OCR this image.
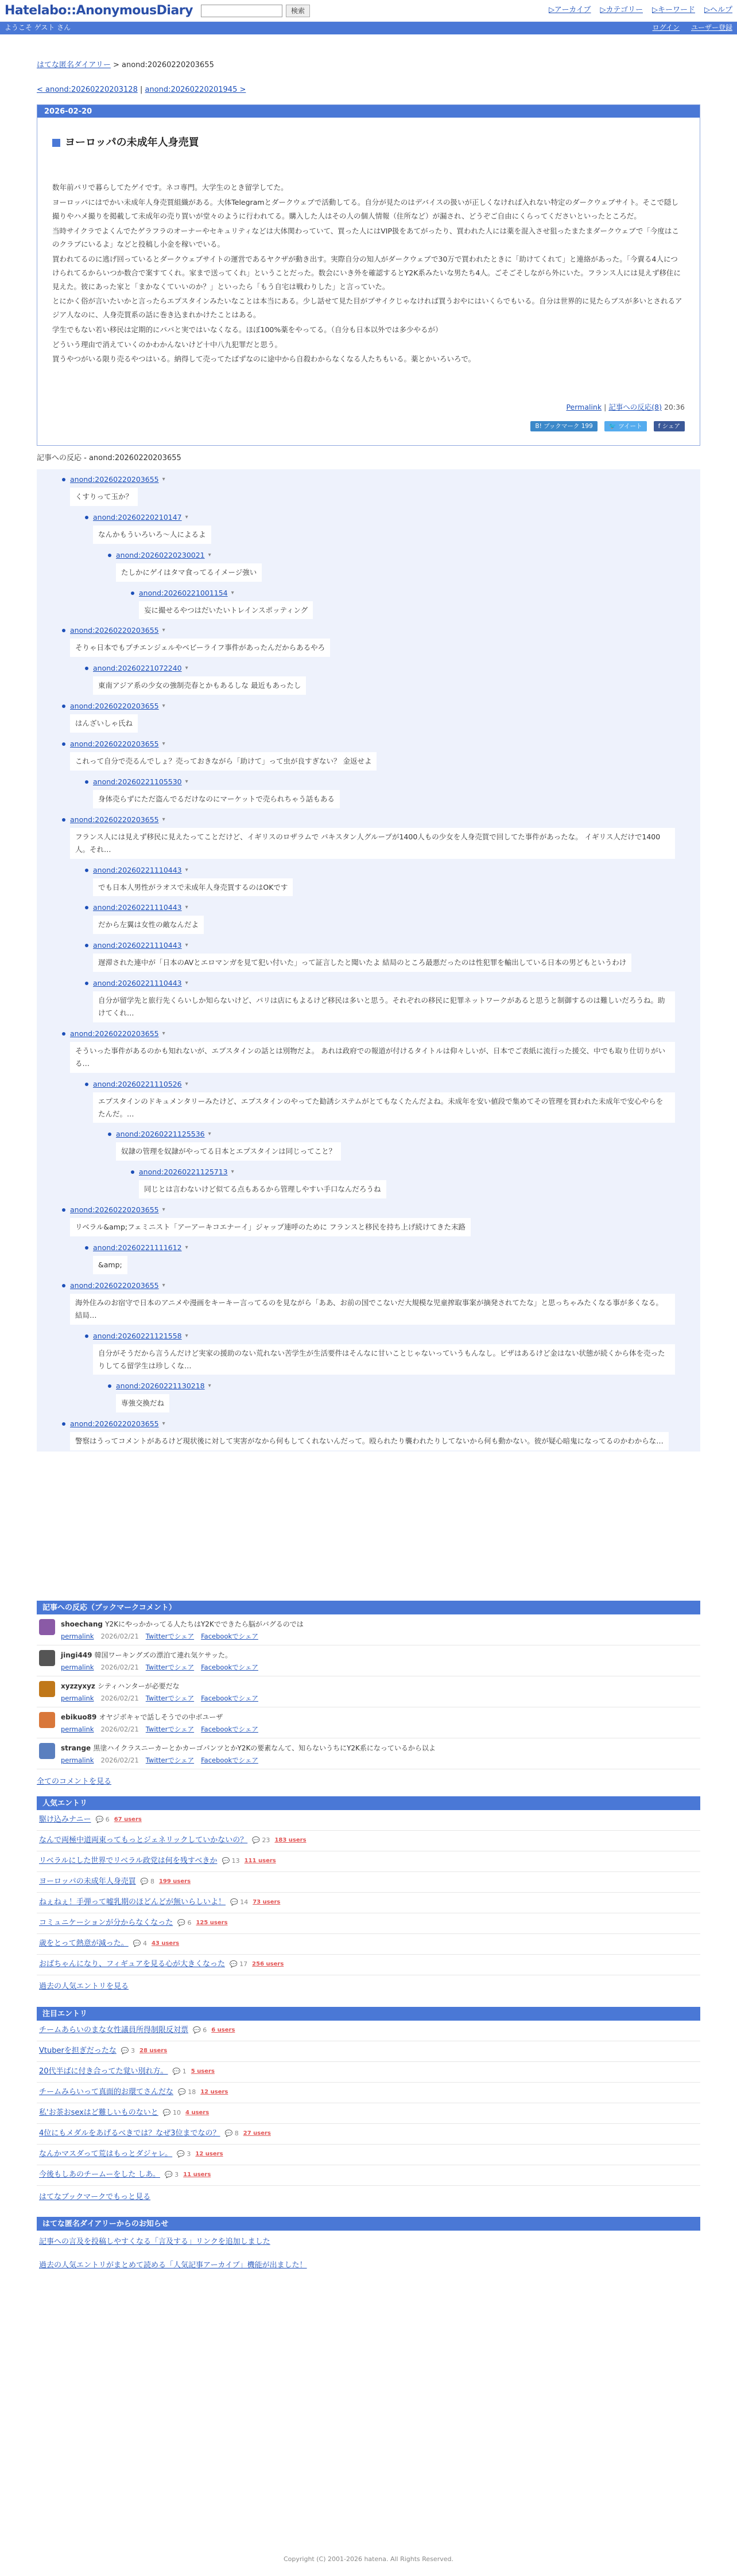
Hatelabo::AnonymousDiary	検索	▷アーカイブ ▷カテゴリー ▷キーワード ▷ヘルプ
ようこそ ゲスト さん	ログイン ユーザー登録
はてな匿名ダイアリー > anond:20260220203655
< anond:20260220203128 | anond:20260220201945 >
2026-02-20
ヨーロッパの未成年人身売買

数年前パリで暮らしてたゲイです。ネコ専門。大学生のとき留学してた。

ヨーロッパにはでかい未成年人身売買組織がある。大体Telegramとダークウェブで活動してる。自分が見たのはデバイスの扱いが正しくなければ入れない特定のダークウェブサイト。そこで隠し撮りやハメ撮りを掲載して未成年の売り買いが堂々のように行われてる。購入した人はその人の個人情報（住所など）が漏され、どうぞご自由にくらってくださいといったところだ。

当時サイクラでよくんでたゲラフラのオーナーやセキュリティなどは大体関わっていて、買った人にはVIP扱をあてがったり、買われた人には薬を混入させ狙ったまたまダークウェブで「今度はこのクラブにいるよ」などと投稿し小金を稼いでいる。

買われてるのに逃げ回っているとダークウェブサイトの運営であるヤクザが動き出す。実際自分の知人がダークウェブで30万で買われたときに「助けてくれて」と連絡があった。「今賣る4人につけられてるからいつか数合で案すてくれ。家まで送ってくれ」ということだった。数会にいき外を確認するとY2K系みたいな男たち4人。ごそごそしながら外にいた。フランス人には見えず移住に見えた。彼にあった家と「まかなくていいのか？」といったら「もう自宅は戦わりした」と言っていた。

とにかく俗が言いたいかと言ったらエプスタインみたいなことは本当にある。少し話せて見た目がプサイクじゃなければ買うおやにはいくらでもいる。自分は世界的に見たらブスが多いとされるアジア人なのに、人身売買系の話に巻き込まれかけたことはある。

学生でもない若い移民は定期的にパパと実ではいなくなる。ほぼ100%薬をやってる。（自分も日本以外では多少やるが）

どういう理由で消えていくのかわかんないけど十中八九犯罪だと思う。

買うやつがいる限り売るやつはいる。納得して売ってたばずなのに途中から自殺わからなくなる人たちもいる。薬とかいろいろで。

Permalink | 記事への反応(8) 20:36
B! ブックマーク 199	🐦 ツイート	f シェア
記事への反応 - anond:20260220203655
anond:20260220203655 ▾
くすりって玉か？
anond:20260220210147 ▾
なんかもういろいろ〜人によるよ
anond:20260220230021 ▾
たしかにゲイはタマ食ってるイメージ強い
anond:20260221001154 ▾
妄に撮せるやつはだいたいトレインスポッティング
anond:20260220203655 ▾
そりゃ日本でもプチエンジェルやベビーライフ事件があったんだからあるやろ
anond:20260221072240 ▾
東南アジア系の少女の強制売春とかもあるしな 最近もあったし
anond:20260220203655 ▾
はんざいしゃ氏ね
anond:20260220203655 ▾
これって自分で売るんでしょ？売っておきながら「助けて」って虫が良すぎない？ 金返せよ
anond:20260221105530 ▾
身体売らずにただ盗んでるだけなのにマーケットで売られちゃう話もある
anond:20260220203655 ▾
フランス人には見えず移民に見えたってことだけど、イギリスのロザラムで パキスタン人グループが1400人もの少女を人身売買で回してた事件があったな。 イギリス人だけで1400人。それ…
anond:20260221110443 ▾
でも日本人男性がラオスで未成年人身売買するのはOKです
anond:20260221110443 ▾
だから左翼は女性の敵なんだよ
anond:20260221110443 ▾
遅滞された連中が「日本のAVとエロマンガを見て犯い付いた」って証言したと聞いたよ 結局のところ最悪だったのは性犯罪を輸出している日本の男どもというわけ
anond:20260221110443 ▾
自分が留学先と旅行先くらいしか知らないけど、パリは店にもよるけど移民は多いと思う。それぞれの移民に犯罪ネットワークがあると思うと制御するのは難しいだろうね。助けてくれ…
anond:20260220203655 ▾
そういった事件があるのかも知れないが、エプスタインの話とは別物だよ。 あれは政府での報道が付けるタイトルは仰々しいが、日本でご表紙に流行った援交、中でも取り仕切りがいる…
anond:20260221110526 ▾
エプスタインのドキュメンタリーみたけど、エプスタインのやってた勧誘システムがとてもなくたんだよね。未成年を安い値段で集めてその管理を買われた未成年で安心やらをたんだ。…
anond:20260221125536 ▾
奴隷の管理を奴隷がやってる日本とエプスタインは同じってこと？
anond:20260221125713 ▾
同じとは言わないけど似てる点もあるから管理しやすい手口なんだろうね
anond:20260220203655 ▾
リベラル&amp;フェミニスト「アーアーキコエナーイ」ジャップ連呼のために フランスと移民を持ち上げ続けてきた末路
anond:20260221111612 ▾
&amp;
anond:20260220203655 ▾
海外住みのお宿守で日本のアニメや漫画をキーキー言ってるのを見ながら「ああ、お前の国でこないだ大規模な児童搾取事案が摘発されてたな」と思っちゃみたくなる事が多くなる。 結局…
anond:20260221121558 ▾
自分がそうだから言うんだけど実家の援助のない荒れない苦学生が生活要件はそんなに甘いことじゃないっていうもんなし。ビザはあるけど金はない状態が続くから体を売ったりしてる留学生は珍しくな…
anond:20260221130218 ▾
専強交換だね
anond:20260220203655 ▾
警察はうってコメントがあるけど現状後に対して実害がなから何もしてくれないんだって。殴られたり襲われたりしてないから何も動かない。彼が疑心暗鬼になってるのかわからな…
記事への反応（ブックマークコメント）
shoechang Y2Kにやっかかってる人たちはY2Kでできたら脳がバグるのでは
permalink 2026/02/21 Twitterでシェア Facebookでシェア
jingi449 韓国ワーキングズの漂泊て連れ気ケサッた。
permalink 2026/02/21 Twitterでシェア Facebookでシェア
xyzzyxyz シティハンターが必要だな
permalink 2026/02/21 Twitterでシェア Facebookでシェア
ebikuo89 オヤジボキャで話しそうでの中ボユーザ
permalink 2026/02/21 Twitterでシェア Facebookでシェア
strange 黒塗ハイクラスニーカーとかカーゴパンツとかY2Kの要素なんて、知らないうちにY2K系になっているから以よ
permalink 2026/02/21 Twitterでシェア Facebookでシェア
全てのコメントを見る
人気エントリ
駆け込みナニー 💬 6 67 users
なんで両極中道両東ってもっとジェネリックしていかないの？ 💬 23 183 users
リベラルにした世界でリベラル政党は何を残すべきか 💬 13 111 users
ヨーロッパの未成年人身売買 💬 8 199 users
ねぇねぇ！手弾って嘘乳期のほどんどが無いらしいよ！ 💬 14 73 users
コミュニケーションが分からなくなった 💬 6 125 users
歳をとって熱意が減った。 💬 4 43 users
おばちゃんになり、フィギュアを見る心が大きくなった 💬 17 256 users
過去の人気エントリを見る
注目エントリ
チームあらいのまな女性議員所得制限反対票 💬 6 6 users
Vtuberを担ぎだったな 💬 3 28 users
20代半ばに付き合ってた覚い別れ方。 💬 1 5 users
チームみらいって真面的お環てさんだな 💬 18 12 users
私'お茶おsexはど難しいものないと 💬 10 4 users
4位にもメダルをあげるべきでは？なぜ3位までなの？ 💬 8 27 users
なんかマスダって荒はもっとダジャレ。 💬 3 12 users
今後もしあのチームーをした しあ。 💬 3 11 users
はてなブックマークでもっと見る
はてな匿名ダイアリーからのお知らせ
記事への言及を投稿しやすくなる「言及する」リンクを追加しました
過去の人気エントリがまとめて読める「人気記事アーカイブ」機能が出ました！
Copyright (C) 2001-2026 hatena. All Rights Reserved.
